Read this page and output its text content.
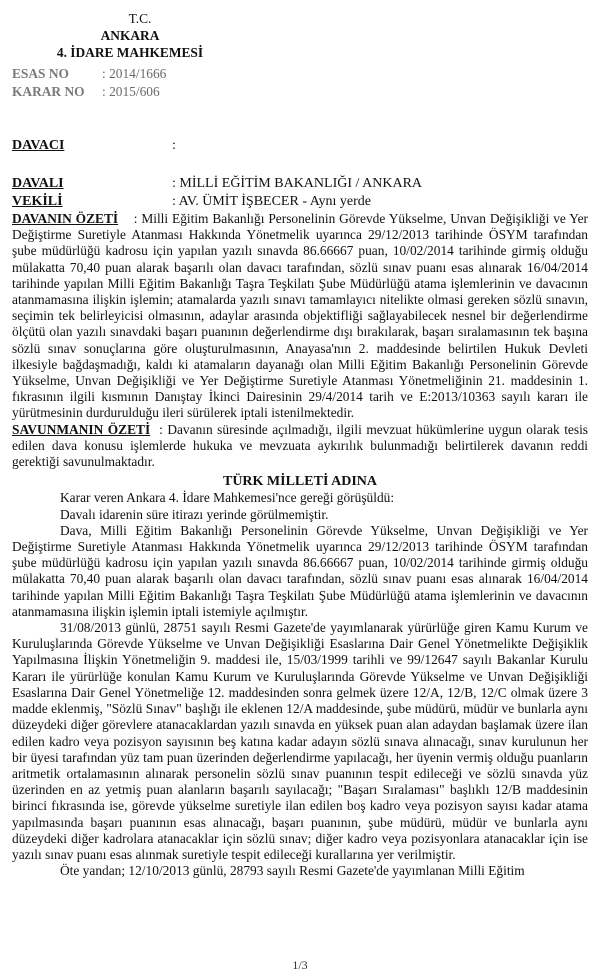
T.C.
ANKARA
4. İDARE MAHKEMESİ
ESAS NO : 2014/1666
KARAR NO : 2015/606
DAVACI	:
DAVALI	: MİLLİ EĞİTİM BAKANLIĞI / ANKARA
VEKİLİ	: AV. ÜMİT İŞBECER - Aynı yerde

DAVANIN ÖZETİ : Milli Eğitim Bakanlığı Personelinin Görevde Yükselme, Unvan Değişikliği ve Yer Değiştirme Suretiyle Atanması Hakkında Yönetmelik uyarınca 29/12/2013 tarihinde ÖSYM tarafından şube müdürlüğü kadrosu için yapılan yazılı sınavda 86.66667 puan, 10/02/2014 tarihinde girmiş olduğu mülakatta 70,40 puan alarak başarılı olan davacı tarafından, sözlü sınav puanı esas alınarak 16/04/2014 tarihinde yapılan Milli Eğitim Bakanlığı Taşra Teşkilatı Şube Müdürlüğü atama işlemlerinin ve davacının atanmamasına ilişkin işlemin; atamalarda yazılı sınavı tamamlayıcı nitelikte olmasi gereken sözlü sınavın, seçimin tek belirleyicisi olmasının, adaylar arasında objektifliği sağlayabilecek nesnel bir değerlendirme ölçütü olan yazılı sınavdaki başarı puanının değerlendirme dışı bırakılarak, başarı sıralamasının tek başına sözlü sınav sonuçlarına göre oluşturulmasının, Anayasa'nın 2. maddesinde belirtilen Hukuk Devleti ilkesiyle bağdaşmadığı, kaldı ki atamaların dayanağı olan Milli Eğitim Bakanlığı Personelinin Görevde Yükselme, Unvan Değişikliği ve Yer Değiştirme Suretiyle Atanması Yönetmeliğinin 21. maddesinin 1. fıkrasının ilgili kısmının Danıştay İkinci Dairesinin 29/4/2014 tarih ve E:2013/10363 sayılı kararı ile yürütmesinin durdurulduğu ileri sürülerek iptali istenilmektedir.

SAVUNMANIN ÖZETİ : Davanın süresinde açılmadığı, ilgili mevzuat hükümlerine uygun olarak tesis edilen dava konusu işlemlerde hukuka ve mevzuata aykırılık bulunmadığı belirtilerek davanın reddi gerektiği savunulmaktadır.

TÜRK MİLLETİ ADINA

Karar veren Ankara 4. İdare Mahkemesi'nce gereği görüşüldü:

Davalı idarenin süre itirazı yerinde görülmemiştir.

Dava, Milli Eğitim Bakanlığı Personelinin Görevde Yükselme, Unvan Değişikliği ve Yer Değiştirme Suretiyle Atanması Hakkında Yönetmelik uyarınca 29/12/2013 tarihinde ÖSYM tarafından şube müdürlüğü kadrosu için yapılan yazılı sınavda 86.66667 puan, 10/02/2014 tarihinde girmiş olduğu mülakatta 70,40 puan alarak başarılı olan davacı tarafından, sözlü sınav puanı esas alınarak 16/04/2014 tarihinde yapılan Milli Eğitim Bakanlığı Taşra Teşkilatı Şube Müdürlüğü atama işlemlerinin ve davacının atanmamasına ilişkin işlemin iptali istemiyle açılmıştır.

31/08/2013 günlü, 28751 sayılı Resmi Gazete'de yayımlanarak yürürlüğe giren Kamu Kurum ve Kuruluşlarında Görevde Yükselme ve Unvan Değişikliği Esaslarına Dair Genel Yönetmelikte Değişiklik Yapılmasına İlişkin Yönetmeliğin 9. maddesi ile, 15/03/1999 tarihli ve 99/12647 sayılı Bakanlar Kurulu Kararı ile yürürlüğe konulan Kamu Kurum ve Kuruluşlarında Görevde Yükselme ve Unvan Değişikliği Esaslarına Dair Genel Yönetmeliğe 12. maddesinden sonra gelmek üzere 12/A, 12/B, 12/C olmak üzere 3 madde eklenmiş, "Sözlü Sınav" başlığı ile eklenen 12/A maddesinde, şube müdürü, müdür ve bunlarla aynı düzeydeki diğer görevlere atanacaklardan yazılı sınavda en yüksek puan alan adaydan başlamak üzere ilan edilen kadro veya pozisyon sayısının beş katına kadar adayın sözlü sınava alınacağı, sınav kurulunun her bir üyesi tarafından yüz tam puan üzerinden değerlendirme yapılacağı, her üyenin vermiş olduğu puanların aritmetik ortalamasının alınarak personelin sözlü sınav puanının tespit edileceği ve sözlü sınavda yüz üzerinden en az yetmiş puan alanların başarılı sayılacağı; "Başarı Sıralaması" başlıklı 12/B maddesinin birinci fıkrasında ise, görevde yükselme suretiyle ilan edilen boş kadro veya pozisyon sayısı kadar atama yapılmasında başarı puanının esas alınacağı, başarı puanının, şube müdürü, müdür ve bunlarla aynı düzeydeki diğer kadrolara atanacaklar için sözlü sınav; diğer kadro veya pozisyonlara atanacaklar için ise yazılı sınav puanı esas alınmak suretiyle tespit edileceği kurallarına yer verilmiştir.

Öte yandan; 12/10/2013 günlü, 28793 sayılı Resmi Gazete'de yayımlanan Milli Eğitim

1/3
